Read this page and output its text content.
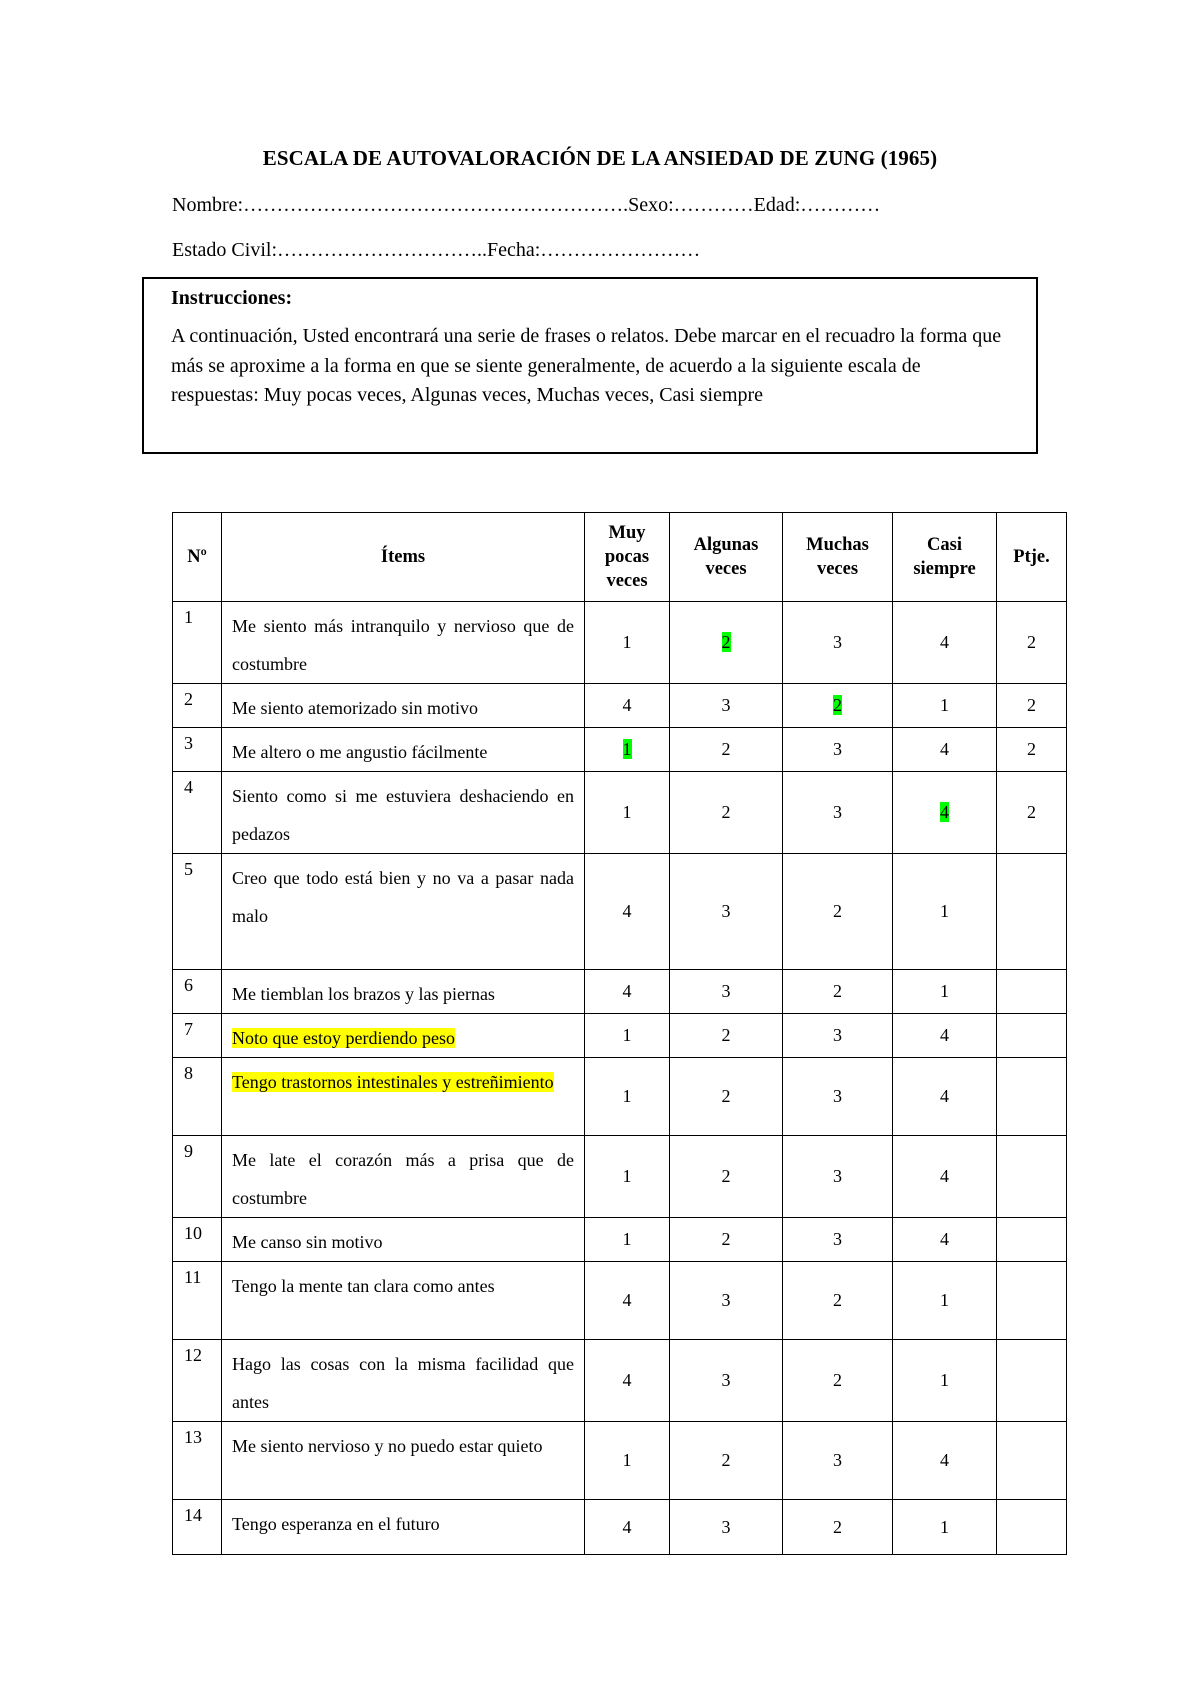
ESCALA DE AUTOVALORACIÓN DE LA ANSIEDAD DE ZUNG (1965)
Nombre:………………………………………………….Sexo:…………Edad:…………
Estado Civil:…………………………..Fecha:……………………
Instrucciones:
A continuación, Usted encontrará una serie de frases o relatos. Debe marcar en el recuadro la forma que más se aproxime a la forma en que se siente generalmente, de acuerdo a la siguiente escala de respuestas: Muy pocas veces, Algunas veces, Muchas veces, Casi siempre
Nº	Ítems	Muy pocas veces	Algunas veces	Muchas veces	Casi siempre	Ptje.
1	Me siento más intranquilo y nervioso que de costumbre	1	2	3	4	2
2	Me siento atemorizado sin motivo	4	3	2	1	2
3	Me altero o me angustio fácilmente	1	2	3	4	2
4	Siento como si me estuviera deshaciendo en pedazos	1	2	3	4	2
5	Creo que todo está bien y no va a pasar nada malo	4	3	2	1	
6	Me tiemblan los brazos y las piernas	4	3	2	1	
7	Noto que estoy perdiendo peso	1	2	3	4	
8	Tengo trastornos intestinales y estreñimiento	1	2	3	4	
9	Me late el corazón más a prisa que de costumbre	1	2	3	4	
10	Me canso sin motivo	1	2	3	4	
11	Tengo la mente tan clara como antes	4	3	2	1	
12	Hago las cosas con la misma facilidad que antes	4	3	2	1	
13	Me siento nervioso y no puedo estar quieto	1	2	3	4	
14	Tengo esperanza en el futuro	4	3	2	1	
